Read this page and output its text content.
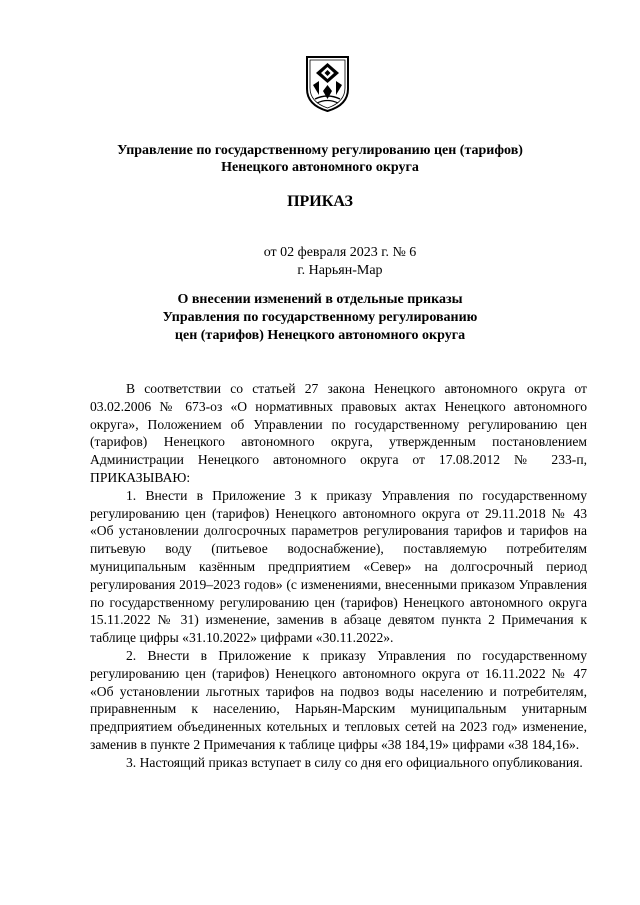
Управление по государственному регулированию цен (тарифов)
Ненецкого автономного округа
ПРИКАЗ
от 02 февраля 2023 г. № 6
г. Нарьян-Мар
О внесении изменений в отдельные приказы
Управления по государственному регулированию
цен (тарифов) Ненецкого автономного округа

В соответствии со статьей 27 закона Ненецкого автономного округа от 03.02.2006 № 673-оз «О нормативных правовых актах Ненецкого автономного округа», Положением об Управлении по государственному регулированию цен (тарифов) Ненецкого автономного округа, утвержденным постановлением Администрации Ненецкого автономного округа от 17.08.2012 № 233-п, ПРИКАЗЫВАЮ:

1. Внести в Приложение 3 к приказу Управления по государственному регулированию цен (тарифов) Ненецкого автономного округа от 29.11.2018 № 43 «Об установлении долгосрочных параметров регулирования тарифов и тарифов на питьевую воду (питьевое водоснабжение), поставляемую потребителям муниципальным казённым предприятием «Север» на долгосрочный период регулирования 2019–2023 годов» (с изменениями, внесенными приказом Управления по государственному регулированию цен (тарифов) Ненецкого автономного округа 15.11.2022 № 31) изменение, заменив в абзаце девятом пункта 2 Примечания к таблице цифры «31.10.2022» цифрами «30.11.2022».

2. Внести в Приложение к приказу Управления по государственному регулированию цен (тарифов) Ненецкого автономного округа от 16.11.2022 № 47 «Об установлении льготных тарифов на подвоз воды населению и потребителям, приравненным к населению, Нарьян-Марским муниципальным унитарным предприятием объединенных котельных и тепловых сетей на 2023 год» изменение, заменив в пункте 2 Примечания к таблице цифры «38 184,19» цифрами «38 184,16».

3. Настоящий приказ вступает в силу со дня его официального опубликования.
